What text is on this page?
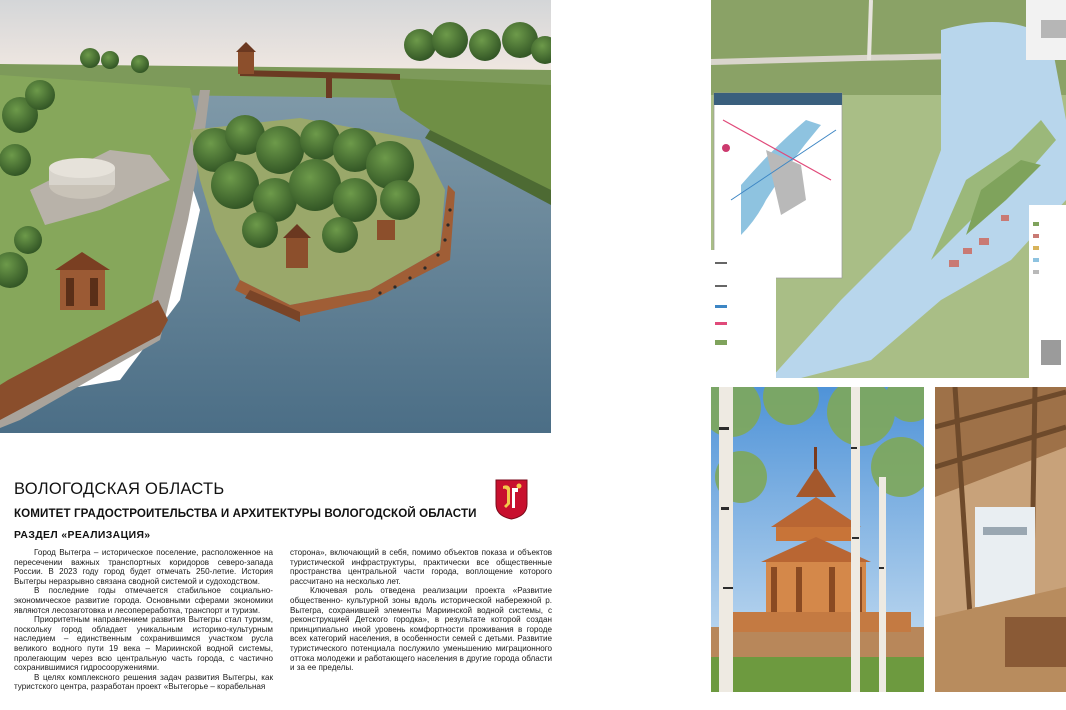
ВОЛОГОДСКАЯ ОБЛАСТЬ
КОМИТЕТ ГРАДОСТРОИТЕЛЬСТВА И АРХИТЕКТУРЫ ВОЛОГОДСКОЙ ОБЛАСТИ
РАЗДЕЛ «РЕАЛИЗАЦИЯ»

Город Вытегра – историческое поселение, расположенное на пересечении важных транспортных коридоров северо-запада России. В 2023 году город будет отмечать 250-летие. История Вытегры неразрывно связана сводной системой и судоходством.

В последние годы отмечается стабильное социально-экономическое развитие города. Основными сферами экономики являются лесозаготовка и лесопереработка, транспорт и туризм.

Приоритетным направлением развития Вытегры стал туризм, поскольку город обладает уникальным историко-культурным наследием – единственным сохранившимся участком русла великого водного пути 19 века – Мариинской водной системы, пролегающим через всю центральную часть города, с частично сохранившимися гидросооружениями.

В целях комплексного решения задач развития Вытегры, как туристского центра, разработан проект «Вытегорье – корабельная

сторона», включающий в себя, помимо объектов показа и объектов туристической инфраструктуры, практически все общественные пространства центральной части города, воплощение которого рассчитано на несколько лет.

Ключевая роль отведена реализации проекта «Развитие общественно- культурной зоны вдоль исторической набережной р. Вытегра, сохранившей элементы Мариинской водной системы, с реконструкцией Детского городка», в результате которой создан принципиально иной уровень комфортности проживания в городе всех категорий населения, в особенности семей с детьми. Развитие туристического потенциала послужило уменьшению миграционного оттока молодежи и работающего населения в другие города области и за ее пределы.
